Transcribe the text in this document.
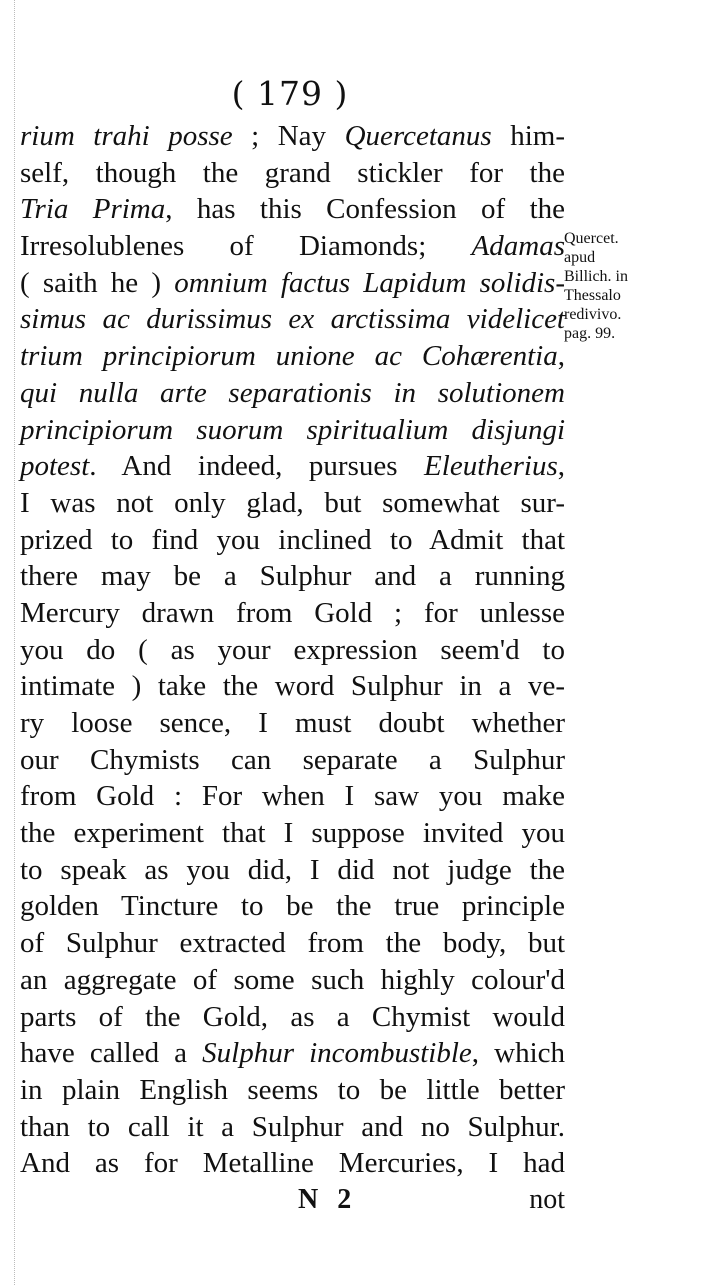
( 179 )
rium trahi posse ; Nay Quercetanus him-
self, though the grand stickler for the
Tria Prima, has this Confession of the
Irresolublenes of Diamonds; Adamas
( saith he ) omnium factus Lapidum solidis-
simus ac durissimus ex arctissima videlicet
trium principiorum unione ac Cohærentia,
qui nulla arte separationis in solutionem
principiorum suorum spiritualium disjungi
potest. And indeed, pursues Eleutherius,
I was not only glad, but somewhat sur-
prized to find you inclined to Admit that
there may be a Sulphur and a running
Mercury drawn from Gold ; for unlesse
you do ( as your expression seem'd to
intimate ) take the word Sulphur in a ve-
ry loose sence, I must doubt whether
our Chymists can separate a Sulphur
from Gold : For when I saw you make
the experiment that I suppose invited you
to speak as you did, I did not judge the
golden Tincture to be the true principle
of Sulphur extracted from the body, but
an aggregate of some such highly colour'd
parts of the Gold, as a Chymist would
have called a Sulphur incombustible, which
in plain English seems to be little better
than to call it a Sulphur and no Sulphur.
And as for Metalline Mercuries, I had
Quercet.
apud
Billich. in
Thessalo
redivivo.
pag. 99.
N 2	not
